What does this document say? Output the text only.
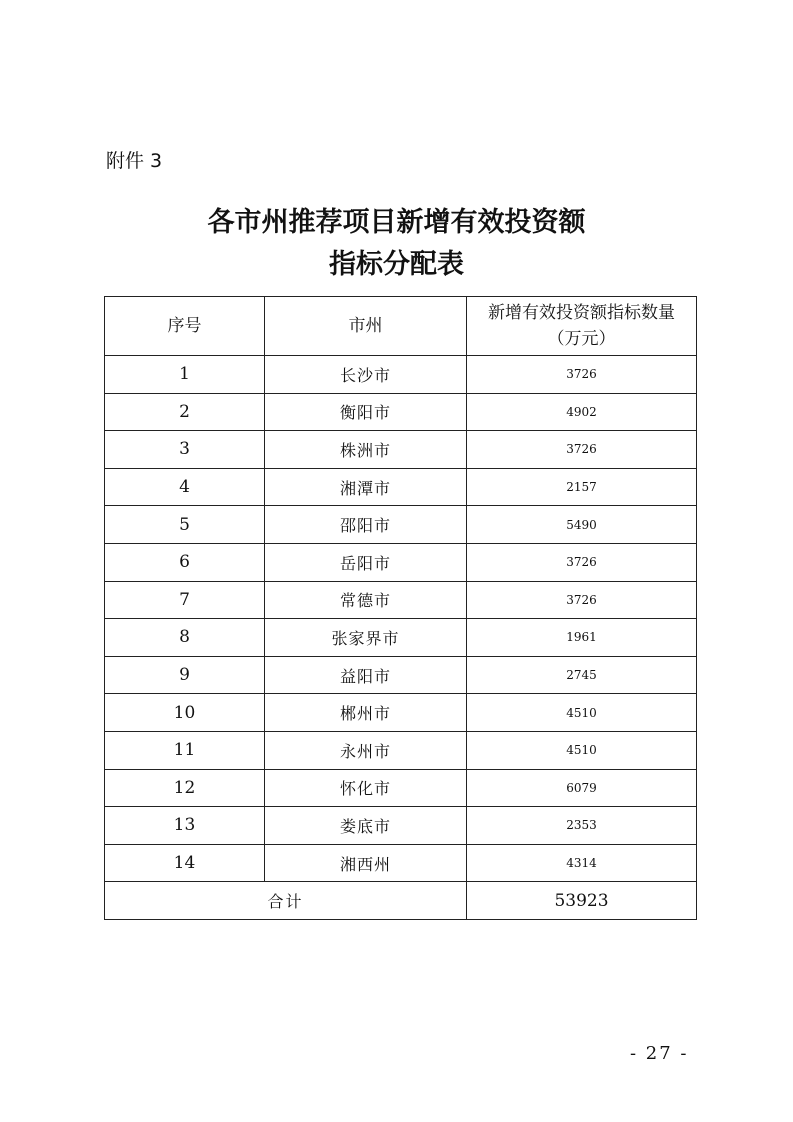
附件 3
各市州推荐项目新增有效投资额
指标分配表
序号	市州	新增有效投资额指标数量
（万元）

1	长沙市	3726
2	衡阳市	4902
3	株洲市	3726
4	湘潭市	2157
5	邵阳市	5490
6	岳阳市	3726
7	常德市	3726
8	张家界市	1961
9	益阳市	2745
10	郴州市	4510
11	永州市	4510
12	怀化市	6079
13	娄底市	2353
14	湘西州	4314
合计		53923
- 27 -
